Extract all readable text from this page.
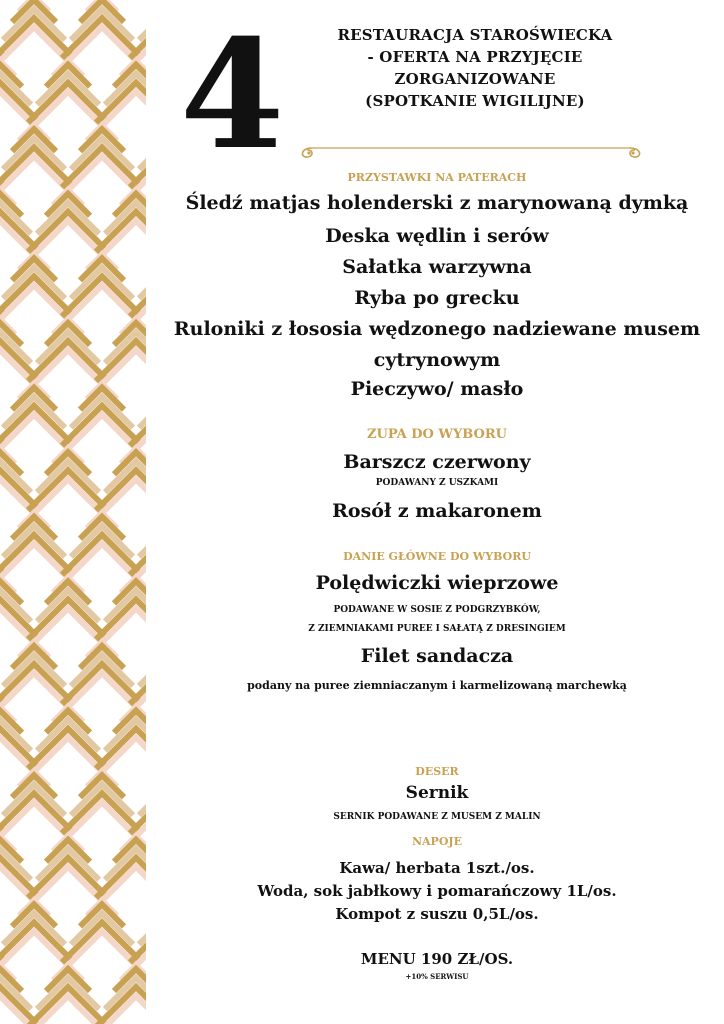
4	RESTAURACJA STAROŚWIECKA
- OFERTA NA PRZYJĘCIE
ZORGANIZOWANE
(SPOTKANIE WIGILIJNE)
PRZYSTAWKI NA PATERACH
Śledź matjas holenderski z marynowaną dymką
Deska wędlin i serów
Sałatka warzywna
Ryba po grecku
Ruloniki z łososia wędzonego nadziewane musem
cytrynowym
Pieczywo/ masło
ZUPA DO WYBORU
Barszcz czerwony
PODAWANY Z USZKAMI
Rosół z makaronem
DANIE GŁÓWNE DO WYBORU
Polędwiczki wieprzowe
PODAWANE W SOSIE Z PODGRZYBKÓW,
Z ZIEMNIAKAMI PUREE I SAŁATĄ Z DRESINGIEM
Filet sandacza
podany na puree ziemniaczanym i karmelizowaną marchewką
DESER
Sernik
SERNIK PODAWANE Z MUSEM Z MALIN
NAPOJE
Kawa/ herbata 1szt./os.
Woda, sok jabłkowy i pomarańczowy 1L/os.
Kompot z suszu 0,5L/os.
MENU 190 ZŁ/OS.
+10% SERWISU
